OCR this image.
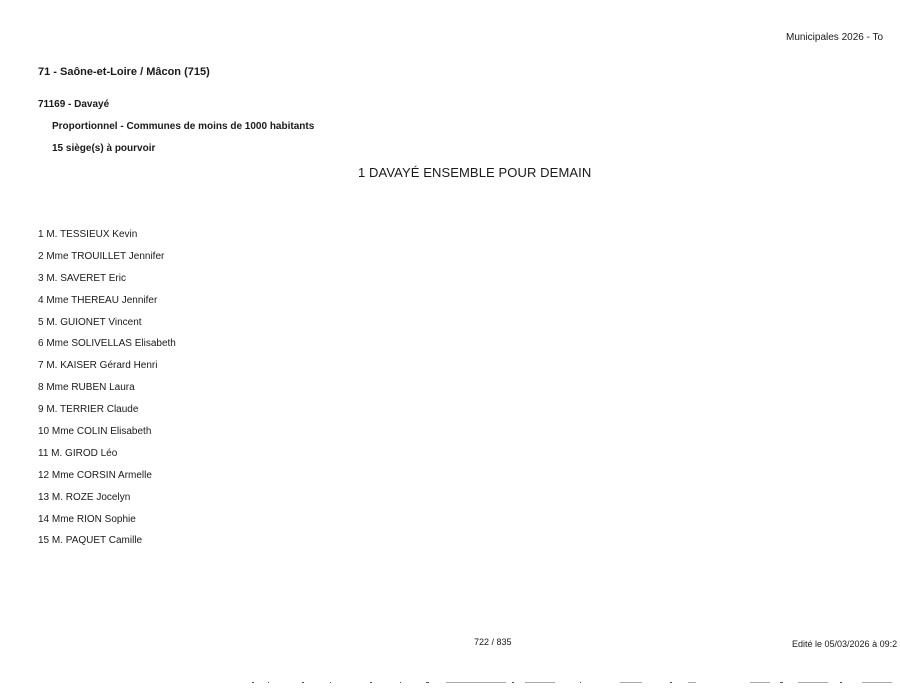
Municipales 2026 - To
71 - Saône-et-Loire / Mâcon (715)
71169 - Davayé
Proportionnel - Communes de moins de 1000 habitants
15 siège(s) à pourvoir
1 DAVAYÉ ENSEMBLE POUR DEMAIN
1 M. TESSIEUX Kevin
2 Mme TROUILLET Jennifer
3 M. SAVERET Eric
4 Mme THEREAU Jennifer
5 M. GUIONET Vincent
6 Mme SOLIVELLAS Elisabeth
7 M. KAISER Gérard Henri
8 Mme RUBEN Laura
9 M. TERRIER Claude
10 Mme COLIN Elisabeth
11 M. GIROD Léo
12 Mme CORSIN Armelle
13 M. ROZE Jocelyn
14 Mme RION Sophie
15 M. PAQUET Camille
722 / 835	Edité le 05/03/2026 à 09:2
